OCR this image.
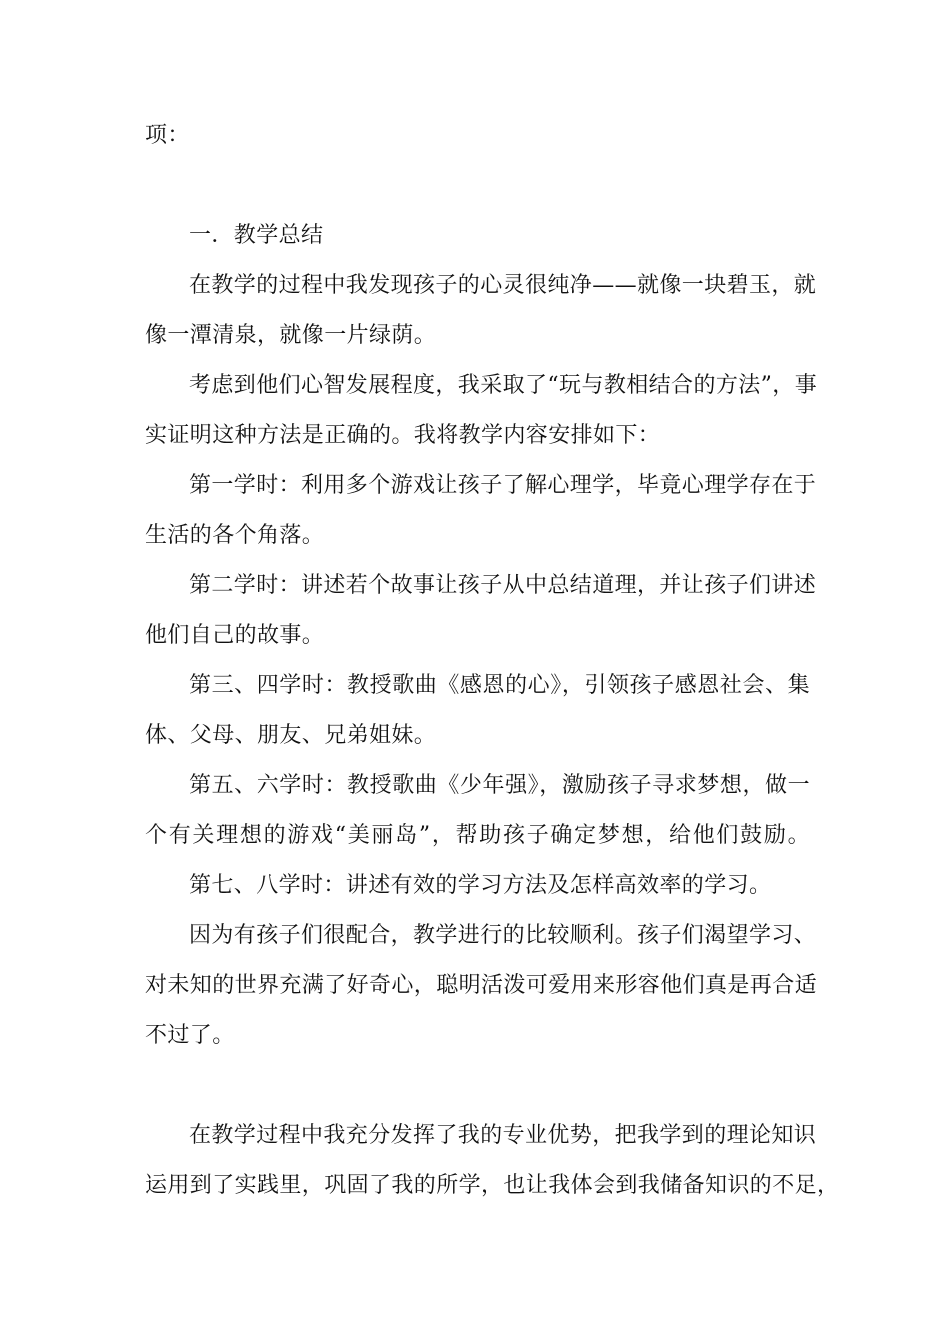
项：
一．教学总结
在教学的过程中我发现孩子的心灵很纯净——就像一块碧玉，就
像一潭清泉，就像一片绿荫。
考虑到他们心智发展程度，我采取了“玩与教相结合的方法”，事
实证明这种方法是正确的。我将教学内容安排如下：
第一学时：利用多个游戏让孩子了解心理学，毕竟心理学存在于
生活的各个角落。
第二学时：讲述若个故事让孩子从中总结道理，并让孩子们讲述
他们自己的故事。
第三、四学时：教授歌曲《感恩的心》，引领孩子感恩社会、集
体、父母、朋友、兄弟姐妹。
第五、六学时：教授歌曲《少年强》，激励孩子寻求梦想，做一
个有关理想的游戏“美丽岛”，帮助孩子确定梦想，给他们鼓励。
第七、八学时：讲述有效的学习方法及怎样高效率的学习。
因为有孩子们很配合，教学进行的比较顺利。孩子们渴望学习、
对未知的世界充满了好奇心，聪明活泼可爱用来形容他们真是再合适
不过了。
在教学过程中我充分发挥了我的专业优势，把我学到的理论知识
运用到了实践里，巩固了我的所学，也让我体会到我储备知识的不足，
